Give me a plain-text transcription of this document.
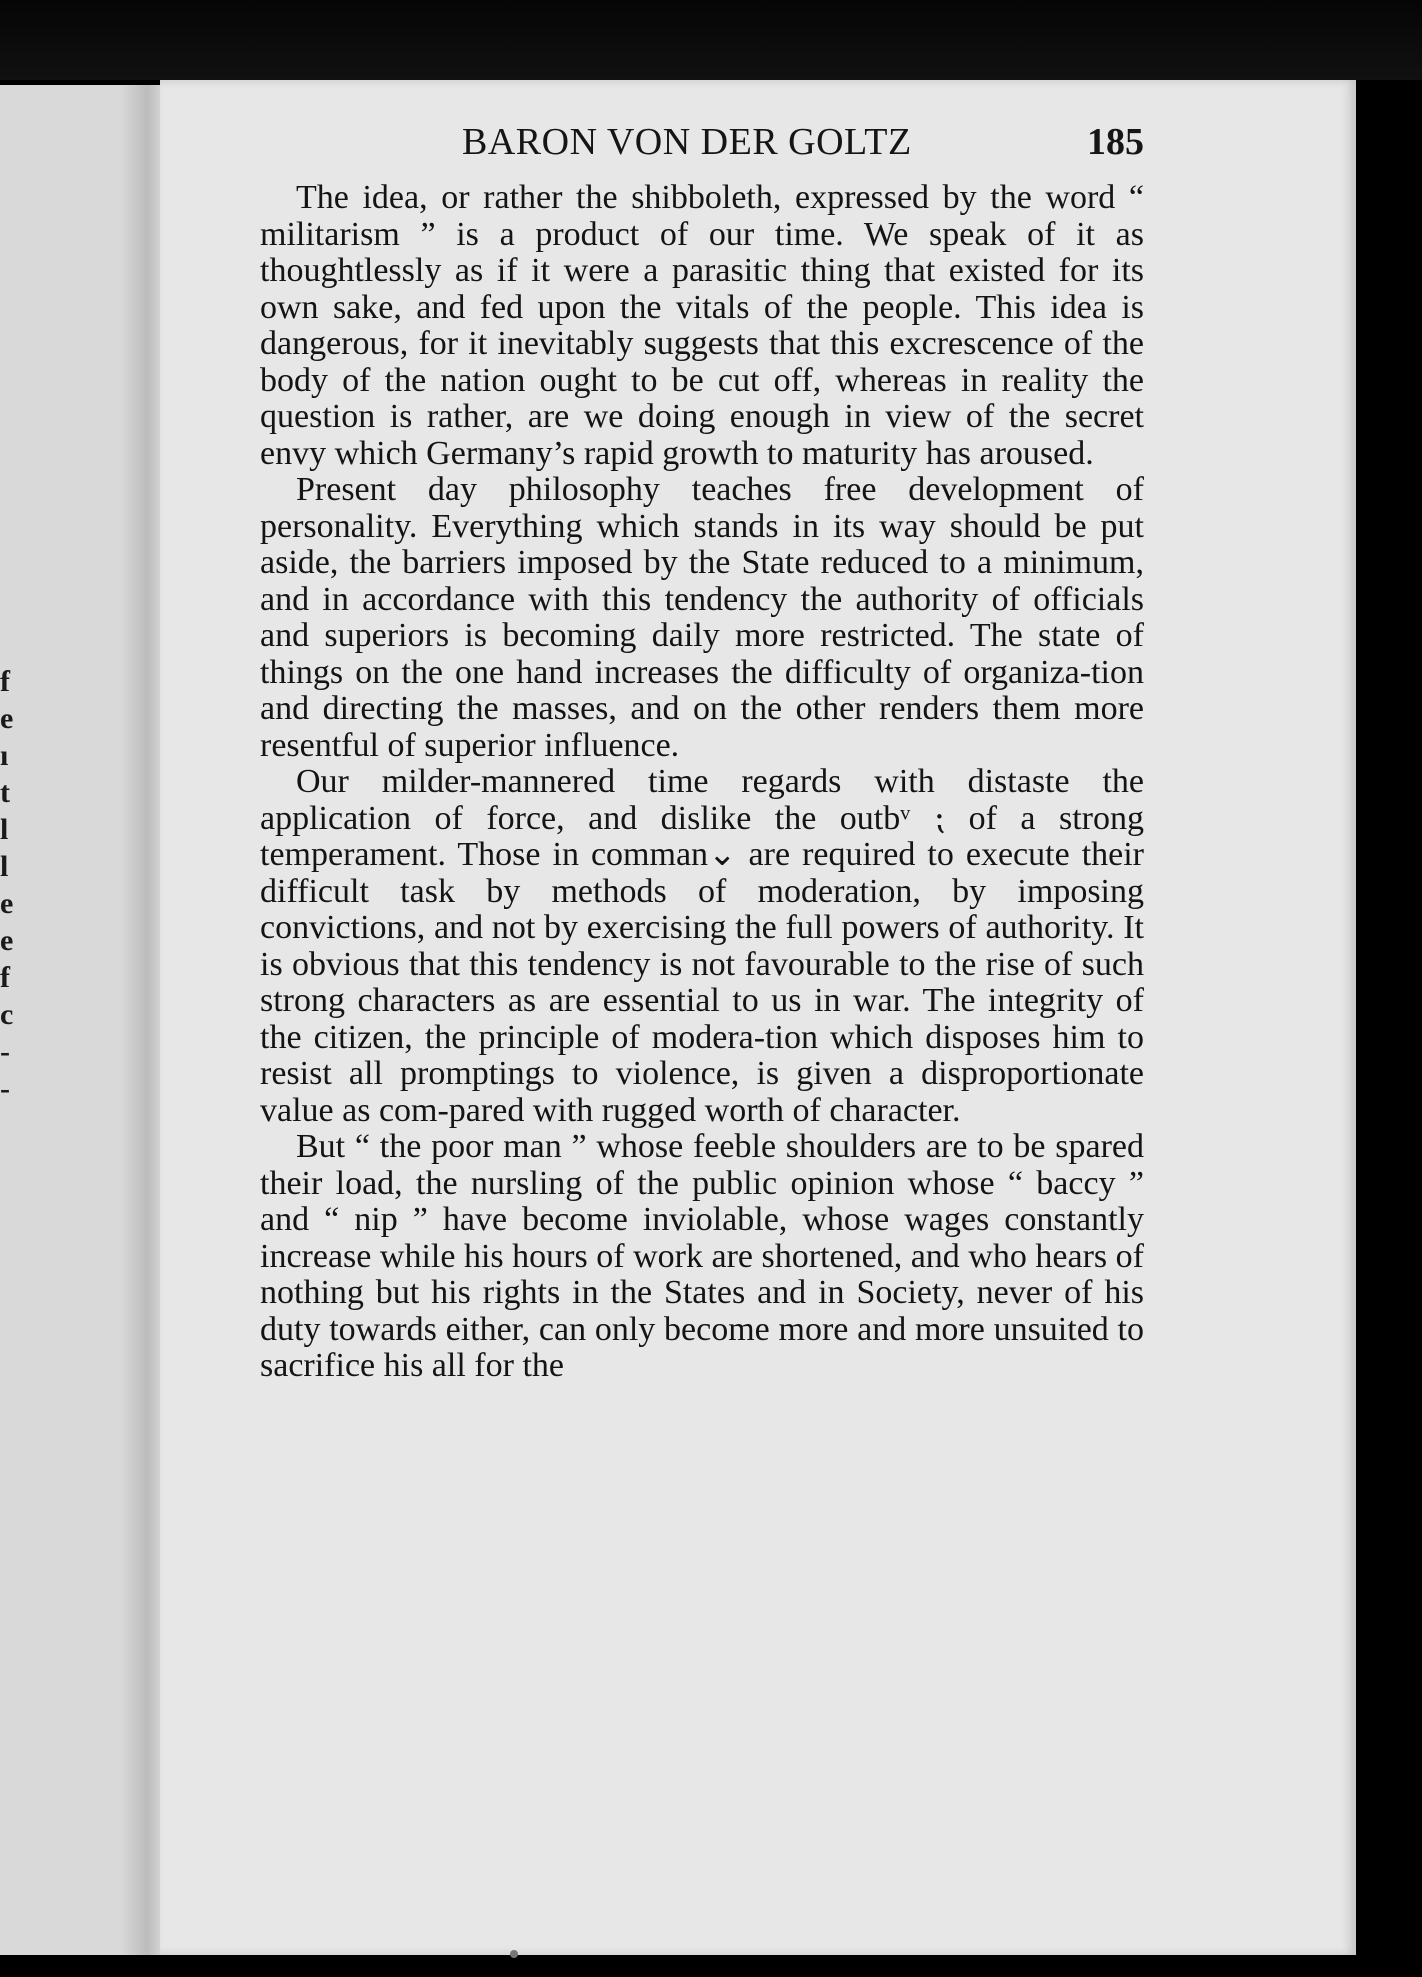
f
e
ı
t
l
l
e
e
f
c
-
-
BARON VON DER GOLTZ	185

The idea, or rather the shibboleth, expressed by the word “ militarism ” is a product of our time. We speak of it as thoughtlessly as if it were a parasitic thing that existed for its own sake, and fed upon the vitals of the people. This idea is dangerous, for it inevitably suggests that this excrescence of the body of the nation ought to be cut off, whereas in reality the question is rather, are we doing enough in view of the secret envy which Germany’s rapid growth to maturity has aroused.

Present day philosophy teaches free development of personality. Everything which stands in its way should be put aside, the barriers imposed by the State reduced to a minimum, and in accordance with this tendency the authority of officials and superiors is becoming daily more restricted. The state of things on the one hand increases the difficulty of organiza-tion and directing the masses, and on the other renders them more resentful of superior influence.

Our milder-mannered time regards with distaste the application of force, and dislike the outbᵛ ⁏ of a strong temperament. Those in comman⌄ are required to execute their difficult task by methods of moderation, by imposing convictions, and not by exercising the full powers of authority. It is obvious that this tendency is not favourable to the rise of such strong characters as are essential to us in war. The integrity of the citizen, the principle of modera-tion which disposes him to resist all promptings to violence, is given a disproportionate value as com-pared with rugged worth of character.

But “ the poor man ” whose feeble shoulders are to be spared their load, the nursling of the public opinion whose “ baccy ” and “ nip ” have become inviolable, whose wages constantly increase while his hours of work are shortened, and who hears of nothing but his rights in the States and in Society, never of his duty towards either, can only become more and more unsuited to sacrifice his all for the
